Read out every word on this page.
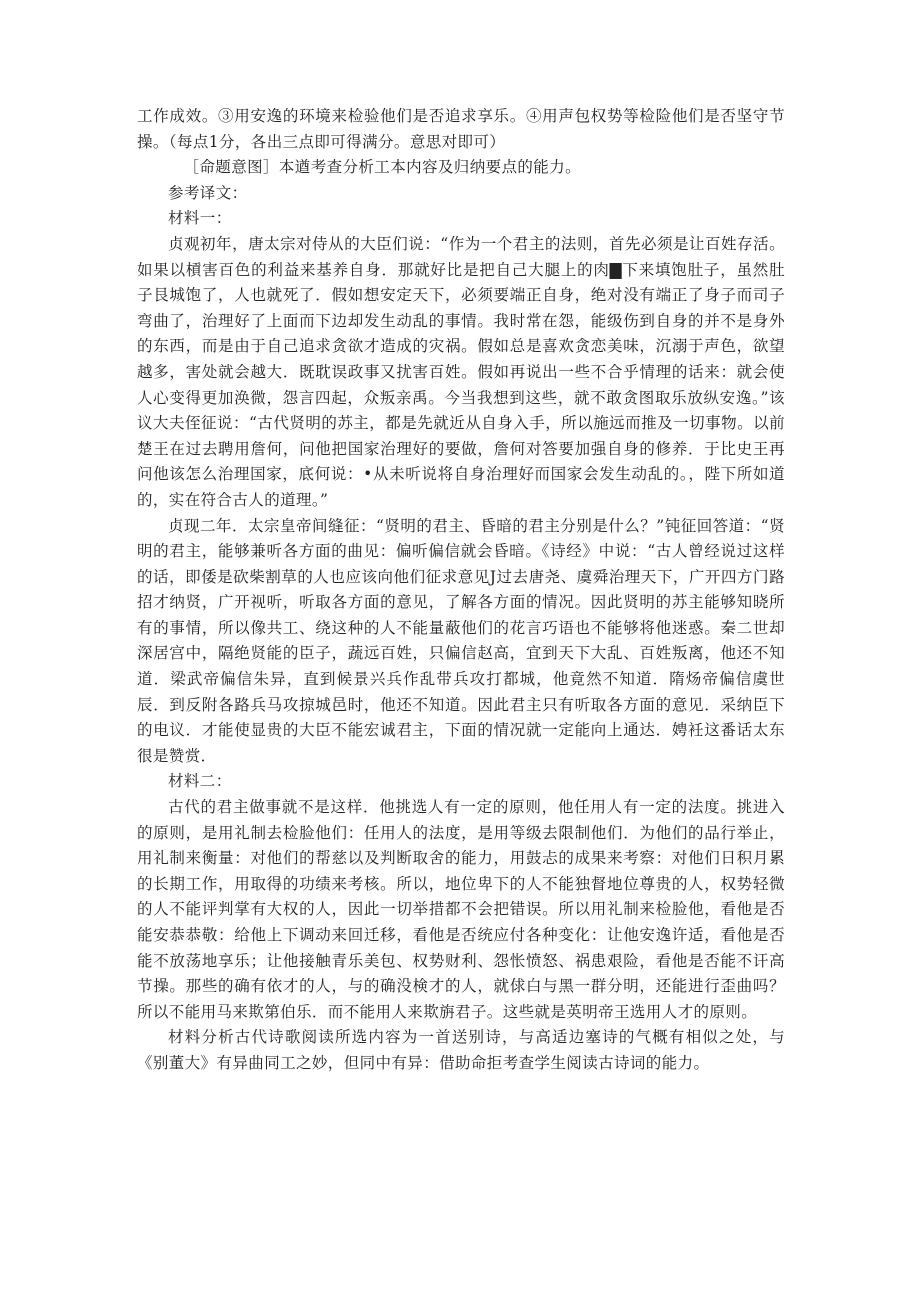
工作成效。③用安逸的环境来检验他们是否追求享乐。④用声包权势等检险他们是否坚守节操。（每点1分，各出三点即可得满分。意思对即可）

［命题意图］本遒考查分析工本内容及归纳要点的能力。

参考译文：

材料一：

贞观初年，唐太宗对侍从的大臣们说：“作为一个君主的法则，首先必须是让百姓存活。如果以槓害百色的利益来基养自身．那就好比是把自己大腿上的肉▇下来填饱肚子，虽然肚子艮城饱了，人也就死了．假如想安定天下，必须要端正自身，绝对没有端正了身子而司子弯曲了，治理好了上面而下边却发生动乱的事情。我时常在怨，能级伤到自身的并不是身外的东西，而是由于自己追求贪欲才造成的灾祸。假如总是喜欢贪恋美味，沉溺于声色，欲望越多，害处就会越大．既耽误政事又扰害百姓。假如再说出一些不合乎情理的话来：就会使人心变得更加涣微，怨言四起，众叛亲禹。今当我想到这些，就不敢贪图取乐放纵安逸。”该议大夫侄征说：“古代贤明的苏主，都是先就近从自身入手，所以施远而推及一切事物。以前楚王在过去聘用詹何，问他把国家治理好的要做，詹何对答要加强自身的修养．于比史王再问他该怎么治理国家，底何说：•从未听说将自身治理好而国家会发生动乱的。，陛下所如道的，实在符合古人的道理。”

贞现二年．太宗皇帝间缝征：“贤明的君主、昏暗的君主分别是什么？”钝征回答道：“贤明的君主，能够兼听各方面的曲见：偏听偏信就会昏暗。《诗经》中说：“古人曾经说过这样的话，即倭是砍柴割草的人也应该向他们征求意见J过去唐尧、虞舜治理天下，广开四方门路招才纳贤，广开视听，听取各方面的意见，了解各方面的情况。因此贤明的苏主能够知晓所有的事情，所以像共工、绕这种的人不能量蔽他们的花言巧语也不能够将他迷惑。秦二世却深居宫中，隔绝贤能的臣子，蔬远百姓，只偏信赵高，宜到天下大乱、百姓叛离，他还不知道．梁武帝偏信朱异，直到候景兴兵作乱带兵攻打都城，他竟然不知道．隋炀帝偏信虞世辰．到反附各路兵马攻掠城邑时，他还不知道。因此君主只有听取各方面的意见．采纳臣下的电议．才能使显贵的大臣不能宏诚君主，下面的情况就一定能向上通达．娉衽这番话太东很是赞赏．

材料二：

古代的君主做事就不是这样．他挑选人有一定的原则，他任用人有一定的法度。挑进入的原则，是用礼制去检脸他们：任用人的法度，是用等级去限制他们．为他们的品行举止，用礼制来衡量：对他们的帮慈以及判断取舍的能力，用鼓忐的成果来考察：对他们日积月累的长期工作，用取得的功绩来考核。所以，地位卑下的人不能独督地位尊贵的人，权势轻微的人不能评判掌有大权的人，因此一切举措都不会把错误。所以用礼制来检脸他，看他是否能安恭恭敬：给他上下调动来回迁移，看他是否统应付各种变化：让他安逸许适，看他是否能不放荡地享乐；让他接触青乐美包、权势财利、怨怅愤怒、祸患艰险，看他是否能不讦高节操。那些的确有依才的人，与的确没検才的人，就俅白与黑一群分明，还能进行歪曲吗？所以不能用马来欺第伯乐．而不能用人来欺旃君子。这些就是英明帝王选用人才的原则。

材料分析古代诗歌阅读所选内容为一首送别诗，与高适边塞诗的气概有相似之处，与《别董大》有异曲同工之妙，但同中有异：借助命拒考查学生阅读古诗词的能力。
